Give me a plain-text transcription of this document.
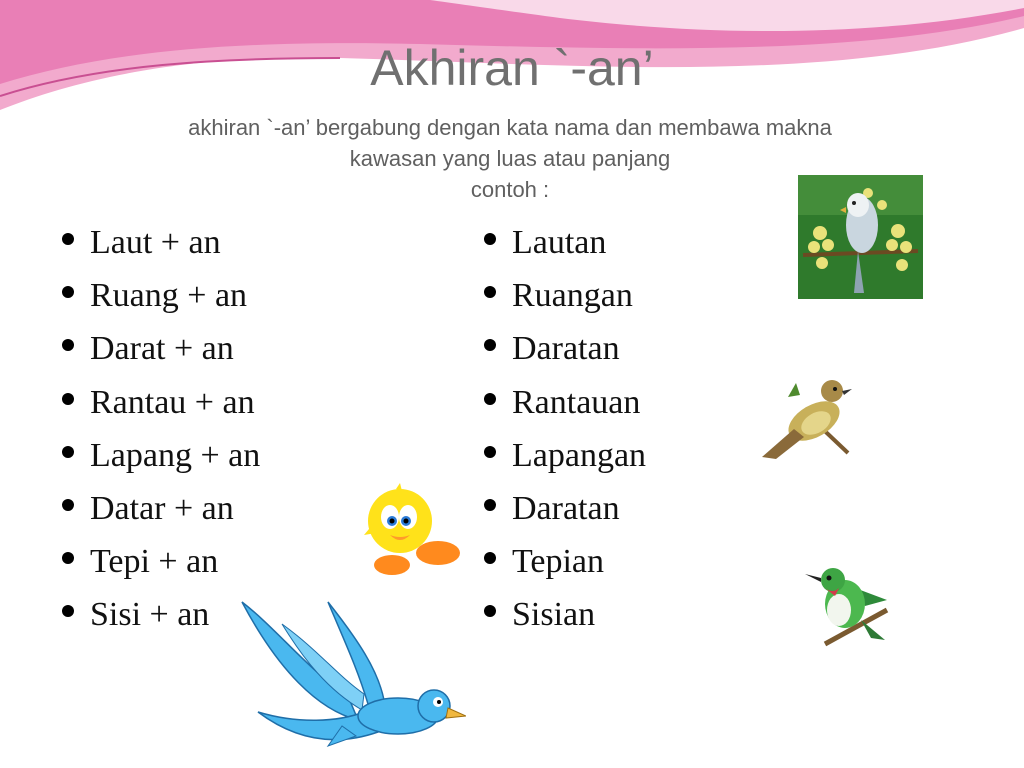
Akhiran `-an’
akhiran `-an’ bergabung dengan kata nama dan membawa makna
kawasan yang luas atau panjang
contoh :
Laut + an
Ruang + an
Darat + an
Rantau + an
Lapang + an
Datar + an
Tepi + an
Sisi + an
Lautan
Ruangan
Daratan
Rantauan
Lapangan
Daratan
Tepian
Sisian
